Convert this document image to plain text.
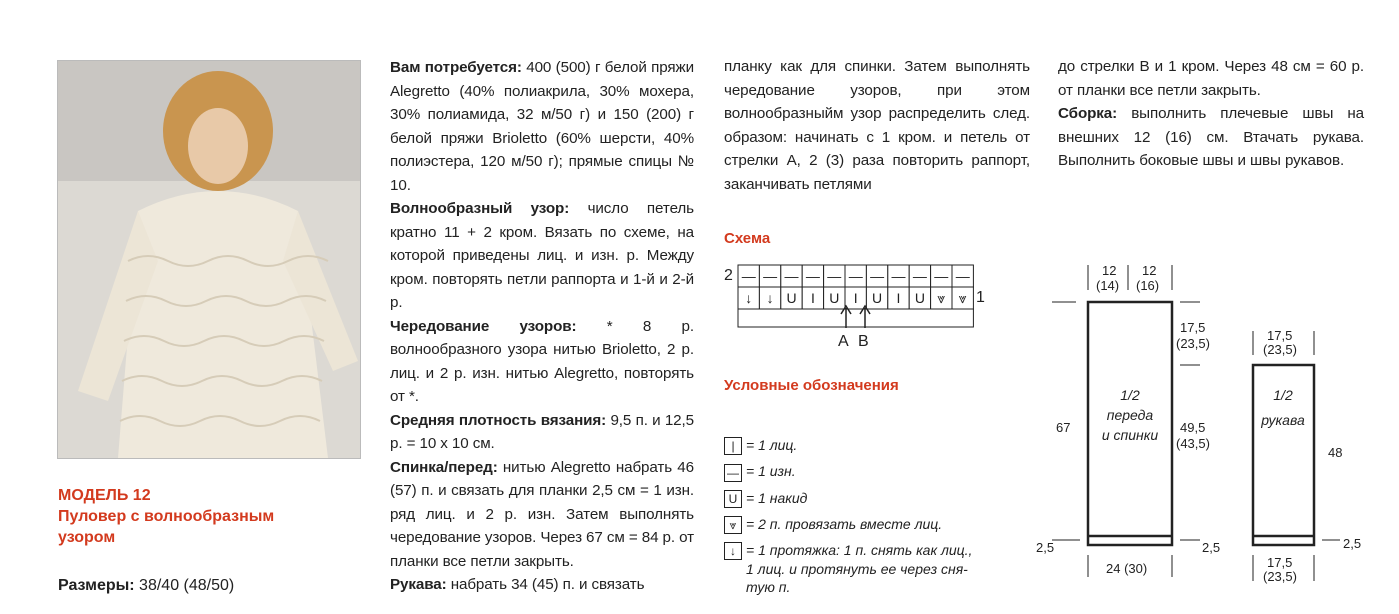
МОДЕЛЬ 12
Пуловер с волнообразным
узором
Размеры: 38/40 (48/50)

Вам потребуется: 400 (500) г белой пряжи Alegretto (40% полиакрила, 30% мохера, 30% полиамида, 32 м/50 г) и 150 (200) г белой пряжи Brioletto (60% шерсти, 40% полиэстера, 120 м/50 г); прямые спицы № 10.

Волнообразный узор: число петель кратно 11 + 2 кром. Вязать по схеме, на которой приведены лиц. и изн. р. Между кром. повторять петли раппорта и 1-й и 2-й р.

Чередование узоров: * 8 р. волнообразного узора нитью Brioletto, 2 р. лиц. и 2 р. изн. нитью Alegretto, повторять от *.

Средняя плотность вязания: 9,5 п. и 12,5 р. = 10 х 10 см.

Спинка/перед: нитью Alegretto набрать 46 (57) п. и связать для планки 2,5 см = 1 изн. ряд лиц. и 2 р. изн. Затем выполнять чередование узоров. Через 67 см = 84 р. от планки все петли закрыть.

Рукава: набрать 34 (45) п. и связать

планку как для спинки. Затем выполнять чередование узоров, при этом волнообразныйм узор распределить след. образом: начинать с 1 кром. и петель от стрелки А, 2 (3) раза повторить раппорт, заканчивать петлями

Схема
2
1
— — — — — — — — — — —
↓ ↓ U I U I U I U ⩔ ⩔
A B
Условные обозначения
| = 1 лиц.
— = 1 изн.
U = 1 накид
⩔ = 2 п. провязать вместе лиц.
↓ = 1 протяжка: 1 п. снять как лиц.,
1 лиц. и протянуть ее через сня-
тую п.

до стрелки В и 1 кром. Через 48 см = 60 р. от планки все петли закрыть.

Сборка: выполнить плечевые швы на внешних 12 (16) см. Втачать рукава. Выполнить боковые швы и швы рукавов.

12
(14)
12
(16)
17,5
(23,5)
49,5
(43,5)
67
2,5	2,5
24 (30)
17,5
(23,5)
48
2,5
17,5
(23,5)
1/2
переда
и спинки
1/2
рукава
